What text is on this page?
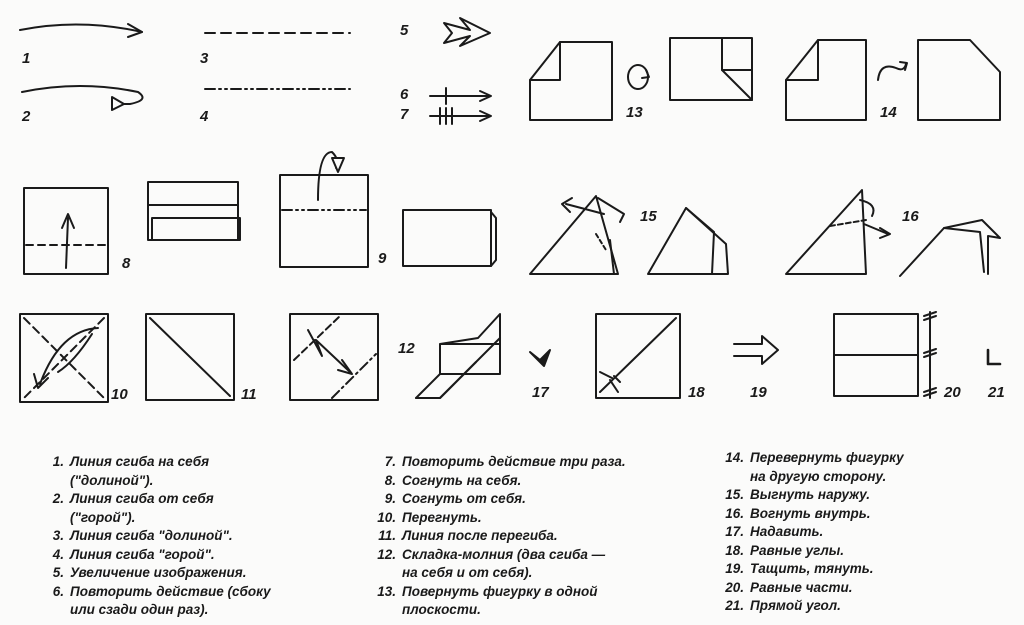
1
2
3
4
5
6
7
8	9
10	11
12
13	14
15	16
17	18	19	20 21
1. Линия сгиба на себя
("долиной").
2. Линия сгиба от себя
("горой").
3. Линия сгиба "долиной".
4. Линия сгиба "горой".
5. Увеличение изображения.
6. Повторить действие (сбоку
или сзади один раз).
7. Повторить действие три раза.
8. Согнуть на себя.
9. Согнуть от себя.
10. Перегнуть.
11. Линия после перегиба.
12. Складка-молния (два сгиба —
на себя и от себя).
13. Повернуть фигурку в одной
плоскости.
14. Перевернуть фигурку
на другую сторону.
15. Выгнуть наружу.
16. Вогнуть внутрь.
17. Надавить.
18. Равные углы.
19. Тащить, тянуть.
20. Равные части.
21. Прямой угол.
